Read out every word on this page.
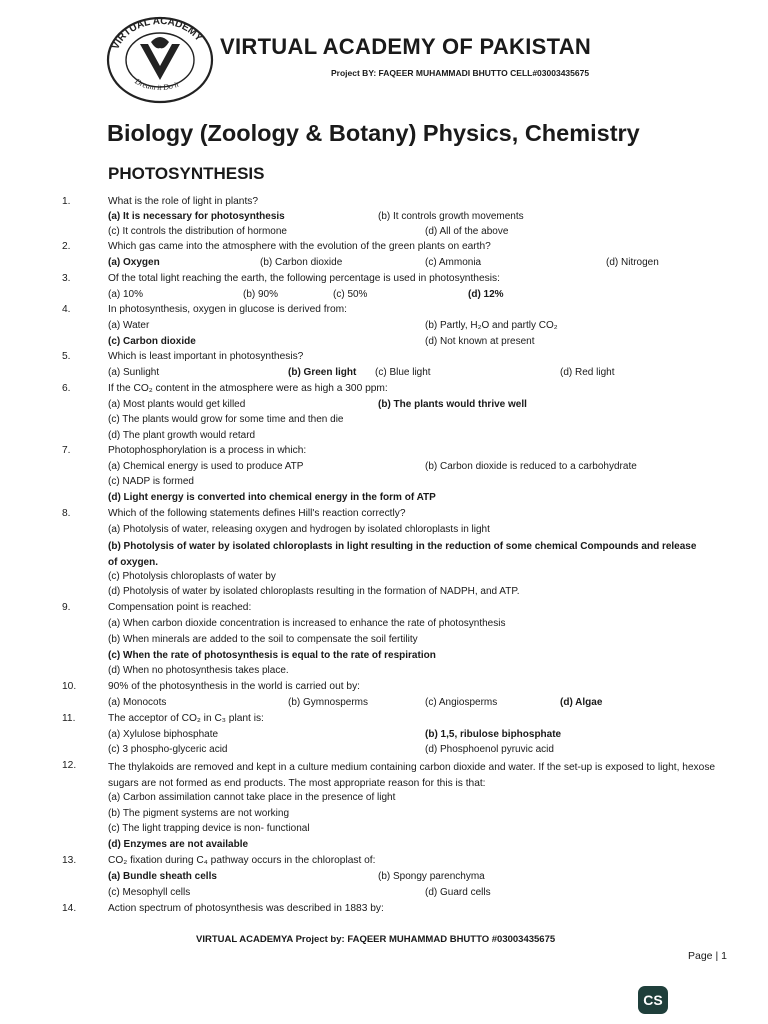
VIRTUAL ACADEMY
Dream it Do it
VIRTUAL ACADEMY OF PAKISTAN
Project BY: FAQEER MUHAMMADI BHUTTO CELL#03003435675
Biology (Zoology & Botany) Physics, Chemistry
PHOTOSYNTHESIS
1.	What is the role of light in plants?
(a) It is necessary for photosynthesis	(b) It controls growth movements
(c) It controls the distribution of hormone	(d) All of the above
2.	Which gas came into the atmosphere with the evolution of the green plants on earth?
(a) Oxygen	(b) Carbon dioxide	(c) Ammonia	(d) Nitrogen
3.	Of the total light reaching the earth, the following percentage is used in photosynthesis:
(a) 10%	(b) 90%	(c) 50%	(d) 12%
4.	In photosynthesis, oxygen in glucose is derived from:
(a) Water	(b) Partly, H₂O and partly CO₂
(c) Carbon dioxide	(d) Not known at present
5.	Which is least important in photosynthesis?
(a) Sunlight	(b) Green light (c) Blue light	(d) Red light
6.	If the CO₂ content in the atmosphere were as high a 300 ppm:
(a) Most plants would get killed	(b) The plants would thrive well
(c) The plants would grow for some time and then die
(d) The plant growth would retard
7.	Photophosphorylation is a process in which:
(a) Chemical energy is used to produce ATP	(b) Carbon dioxide is reduced to a carbohydrate
(c) NADP is formed
(d) Light energy is converted into chemical energy in the form of ATP
8.	Which of the following statements defines Hill's reaction correctly?
(a) Photolysis of water, releasing oxygen and hydrogen by isolated chloroplasts in light
(b) Photolysis of water by isolated chloroplasts in light resulting in the reduction of some chemical Compounds and release of oxygen.
(c) Photolysis chloroplasts of water by
(d) Photolysis of water by isolated chloroplasts resulting in the formation of NADPH, and ATP.
9.	Compensation point is reached:
(a) When carbon dioxide concentration is increased to enhance the rate of photosynthesis
(b) When minerals are added to the soil to compensate the soil fertility
(c) When the rate of photosynthesis is equal to the rate of respiration
(d) When no photosynthesis takes place.
10.	90% of the photosynthesis in the world is carried out by:
(a) Monocots	(b) Gymnosperms	(c) Angiosperms	(d) Algae
11.	The acceptor of CO₂ in C₃ plant is:
(a) Xylulose biphosphate	(b) 1,5, ribulose biphosphate
(c) 3 phospho-glyceric acid	(d) Phosphoenol pyruvic acid
12.	The thylakoids are removed and kept in a culture medium containing carbon dioxide and water. If the set-up is exposed to light, hexose sugars are not formed as end products. The most appropriate reason for this is that:
(a) Carbon assimilation cannot take place in the presence of light
(b) The pigment systems are not working
(c) The light trapping device is non- functional
(d) Enzymes are not available
13.	CO₂ fixation during C₄ pathway occurs in the chloroplast of:
(a) Bundle sheath cells	(b) Spongy parenchyma
(c) Mesophyll cells	(d) Guard cells
14.	Action spectrum of photosynthesis was described in 1883 by:
VIRTUAL ACADEMYA Project by: FAQEER MUHAMMAD BHUTTO #03003435675
Page | 1
CS
